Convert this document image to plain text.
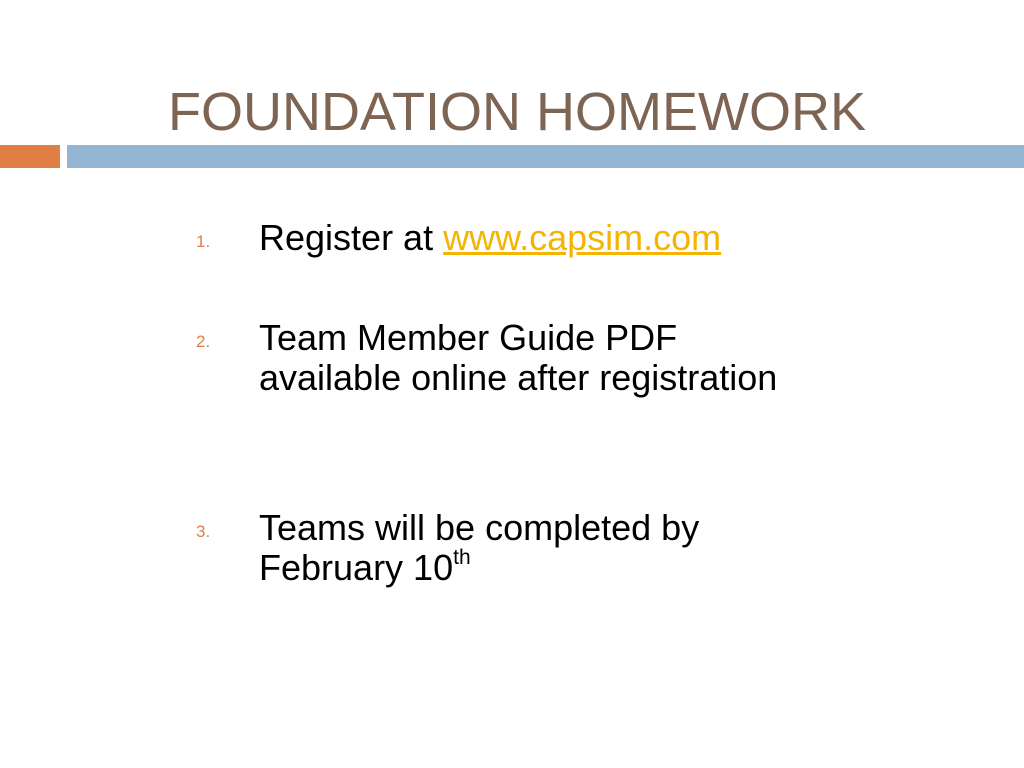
FOUNDATION HOMEWORK
1. Register at www.capsim.com
2. Team Member Guide PDF available online after registration
3. Teams will be completed by February 10th
